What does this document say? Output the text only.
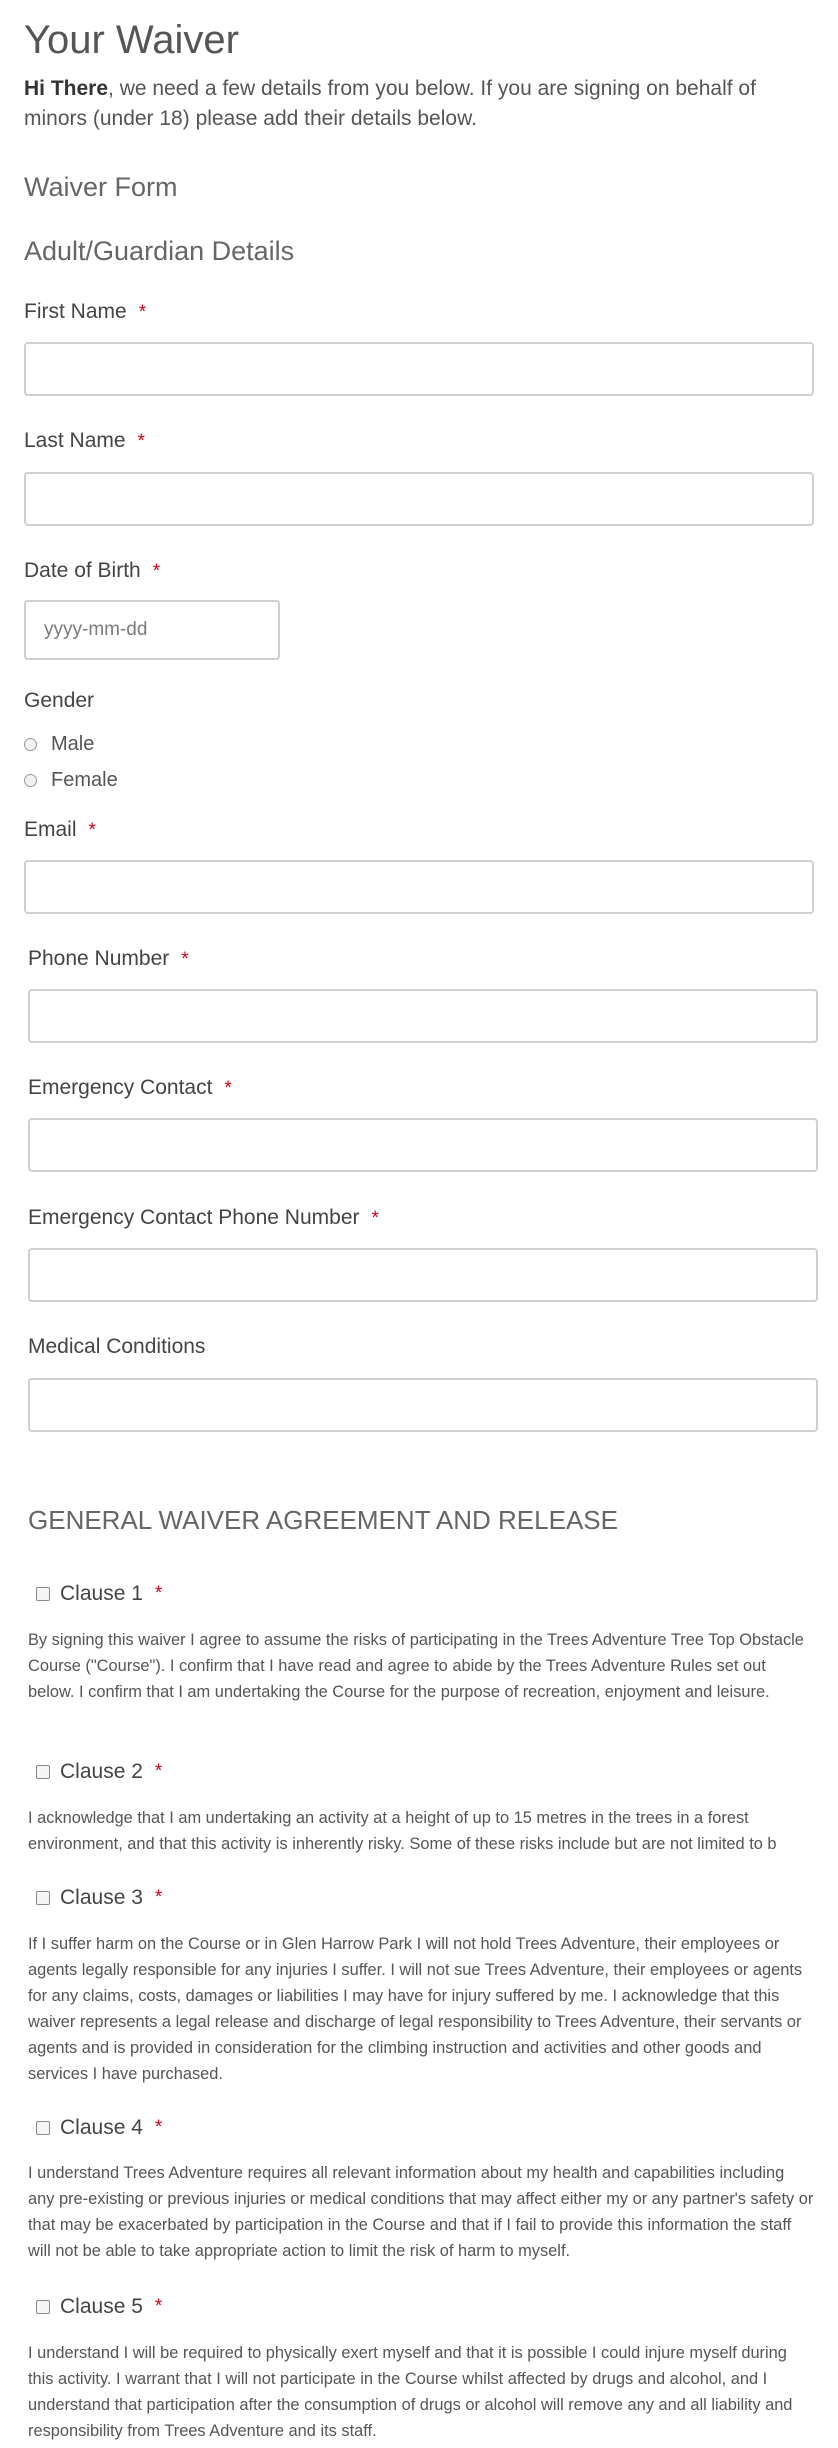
Your Waiver

Hi There, we need a few details from you below. If you are signing on behalf of minors (under 18) please add their details below.

Waiver Form
Adult/Guardian Details
First Name *
Last Name *
Date of Birth *
yyyy-mm-dd
Gender
Male
Female
Email *
Phone Number *
Emergency Contact *
Emergency Contact Phone Number *
Medical Conditions
GENERAL WAIVER AGREEMENT AND RELEASE
Clause 1 *

By signing this waiver I agree to assume the risks of participating in the Trees Adventure Tree Top Obstacle Course ("Course"). I confirm that I have read and agree to abide by the Trees Adventure Rules set out below. I confirm that I am undertaking the Course for the purpose of recreation, enjoyment and leisure.

Clause 2 *

I acknowledge that I am undertaking an activity at a height of up to 15 metres in the trees in a forest environment, and that this activity is inherently risky. Some of these risks include but are not limited to b

Clause 3 *

If I suffer harm on the Course or in Glen Harrow Park I will not hold Trees Adventure, their employees or agents legally responsible for any injuries I suffer. I will not sue Trees Adventure, their employees or agents for any claims, costs, damages or liabilities I may have for injury suffered by me. I acknowledge that this waiver represents a legal release and discharge of legal responsibility to Trees Adventure, their servants or agents and is provided in consideration for the climbing instruction and activities and other goods and services I have purchased.

Clause 4 *

I understand Trees Adventure requires all relevant information about my health and capabilities including any pre-existing or previous injuries or medical conditions that may affect either my or any partner's safety or that may be exacerbated by participation in the Course and that if I fail to provide this information the staff will not be able to take appropriate action to limit the risk of harm to myself.

Clause 5 *

I understand I will be required to physically exert myself and that it is possible I could injure myself during this activity. I warrant that I will not participate in the Course whilst affected by drugs and alcohol, and I understand that participation after the consumption of drugs or alcohol will remove any and all liability and responsibility from Trees Adventure and its staff.
